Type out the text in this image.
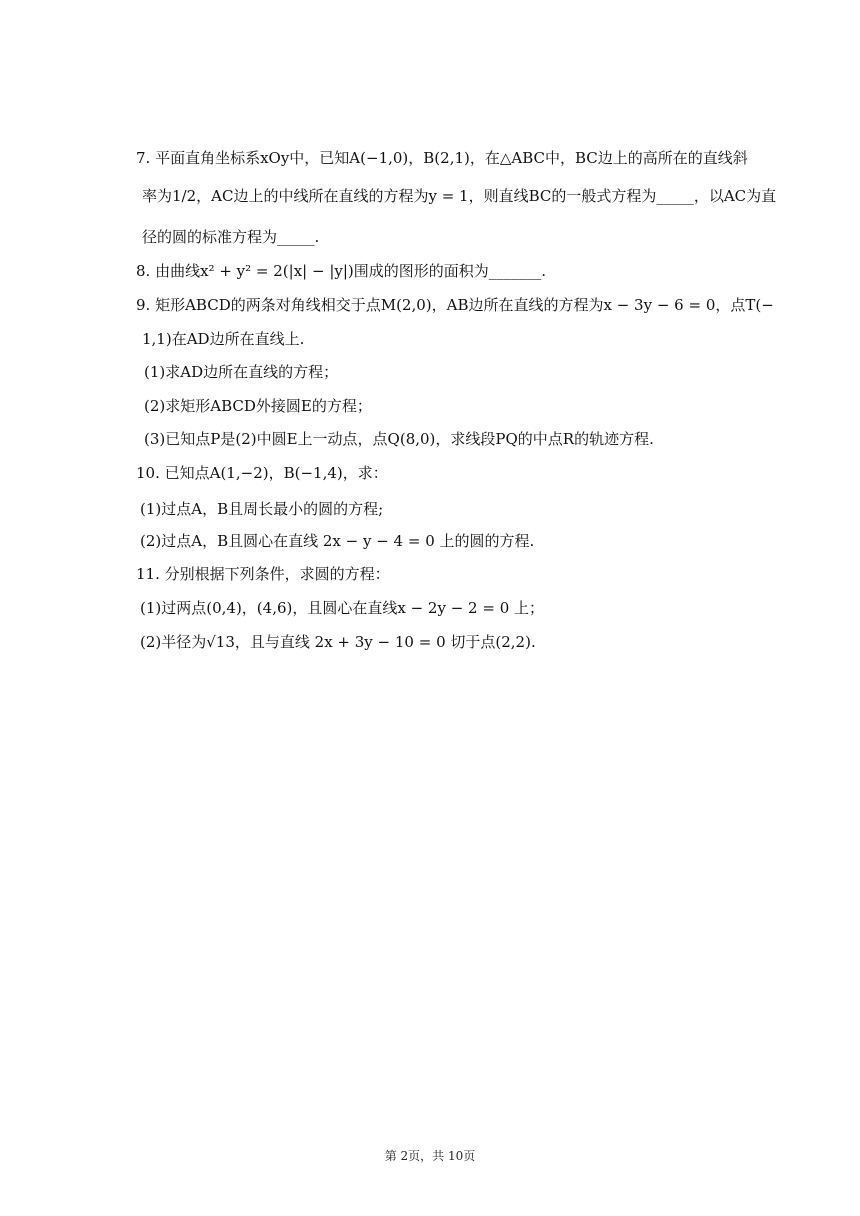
7. 平面直角坐标系xOy中，已知A(−1,0)，B(2,1)，在△ABC中，BC边上的高所在的直线斜
率为1/2，AC边上的中线所在直线的方程为y = 1，则直线BC的一般式方程为_____，以AC为直
径的圆的标准方程为_____.
8. 由曲线x² + y² = 2(|x| − |y|)围成的图形的面积为_______.
9. 矩形ABCD的两条对角线相交于点M(2,0)，AB边所在直线的方程为x − 3y − 6 = 0，点T(−
1,1)在AD边所在直线上.
(1)求AD边所在直线的方程；
(2)求矩形ABCD外接圆E的方程；
(3)已知点P是(2)中圆E上一动点，点Q(8,0)，求线段PQ的中点R的轨迹方程.
10. 已知点A(1,−2)，B(−1,4)，求：
(1)过点A，B且周长最小的圆的方程;
(2)过点A，B且圆心在直线 2x − y − 4 = 0 上的圆的方程.
11. 分别根据下列条件，求圆的方程：
(1)过两点(0,4)，(4,6)，且圆心在直线x − 2y − 2 = 0 上；
(2)半径为√13，且与直线 2x + 3y − 10 = 0 切于点(2,2).
第 2页，共 10页
